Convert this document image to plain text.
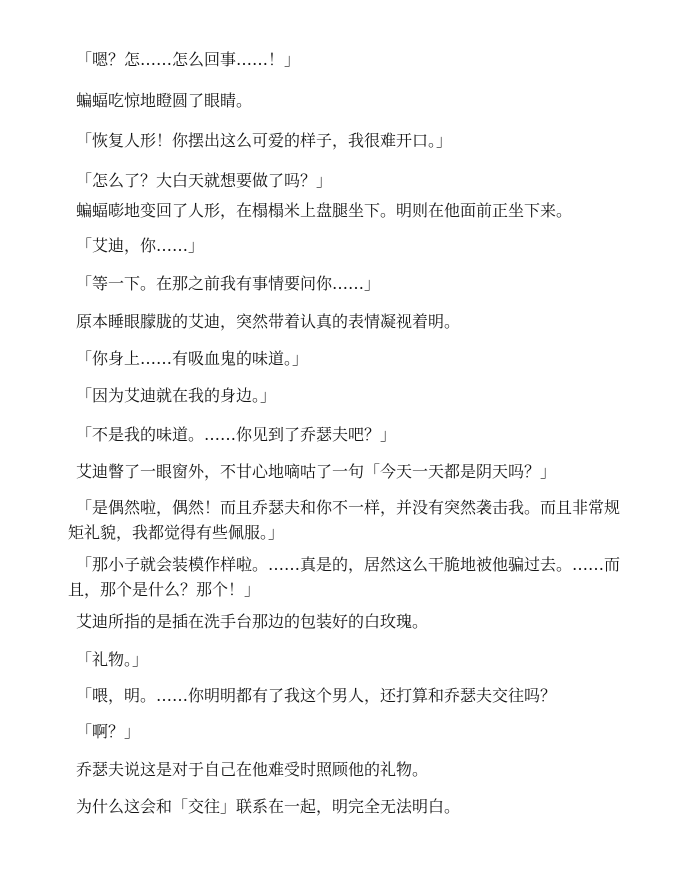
「嗯？怎……怎么回事……！」

蝙蝠吃惊地瞪圆了眼睛。

「恢复人形！你摆出这么可爱的样子，我很难开口。」

「怎么了？大白天就想要做了吗？」

蝙蝠嘭地变回了人形，在榻榻米上盘腿坐下。明则在他面前正坐下来。

「艾迪，你……」

「等一下。在那之前我有事情要问你……」

原本睡眼朦胧的艾迪，突然带着认真的表情凝视着明。

「你身上……有吸血鬼的味道。」

「因为艾迪就在我的身边。」

「不是我的味道。……你见到了乔瑟夫吧？」

艾迪瞥了一眼窗外，不甘心地嘀咕了一句「今天一天都是阴天吗？」

「是偶然啦，偶然！而且乔瑟夫和你不一样，并没有突然袭击我。而且非常规
矩礼貌，我都觉得有些佩服。」

「那小子就会装模作样啦。……真是的，居然这么干脆地被他骗过去。……而
且，那个是什么？那个！」

艾迪所指的是插在洗手台那边的包装好的白玫瑰。

「礼物。」

「喂，明。……你明明都有了我这个男人，还打算和乔瑟夫交往吗？

「啊？」

乔瑟夫说这是对于自己在他难受时照顾他的礼物。

为什么这会和「交往」联系在一起，明完全无法明白。
